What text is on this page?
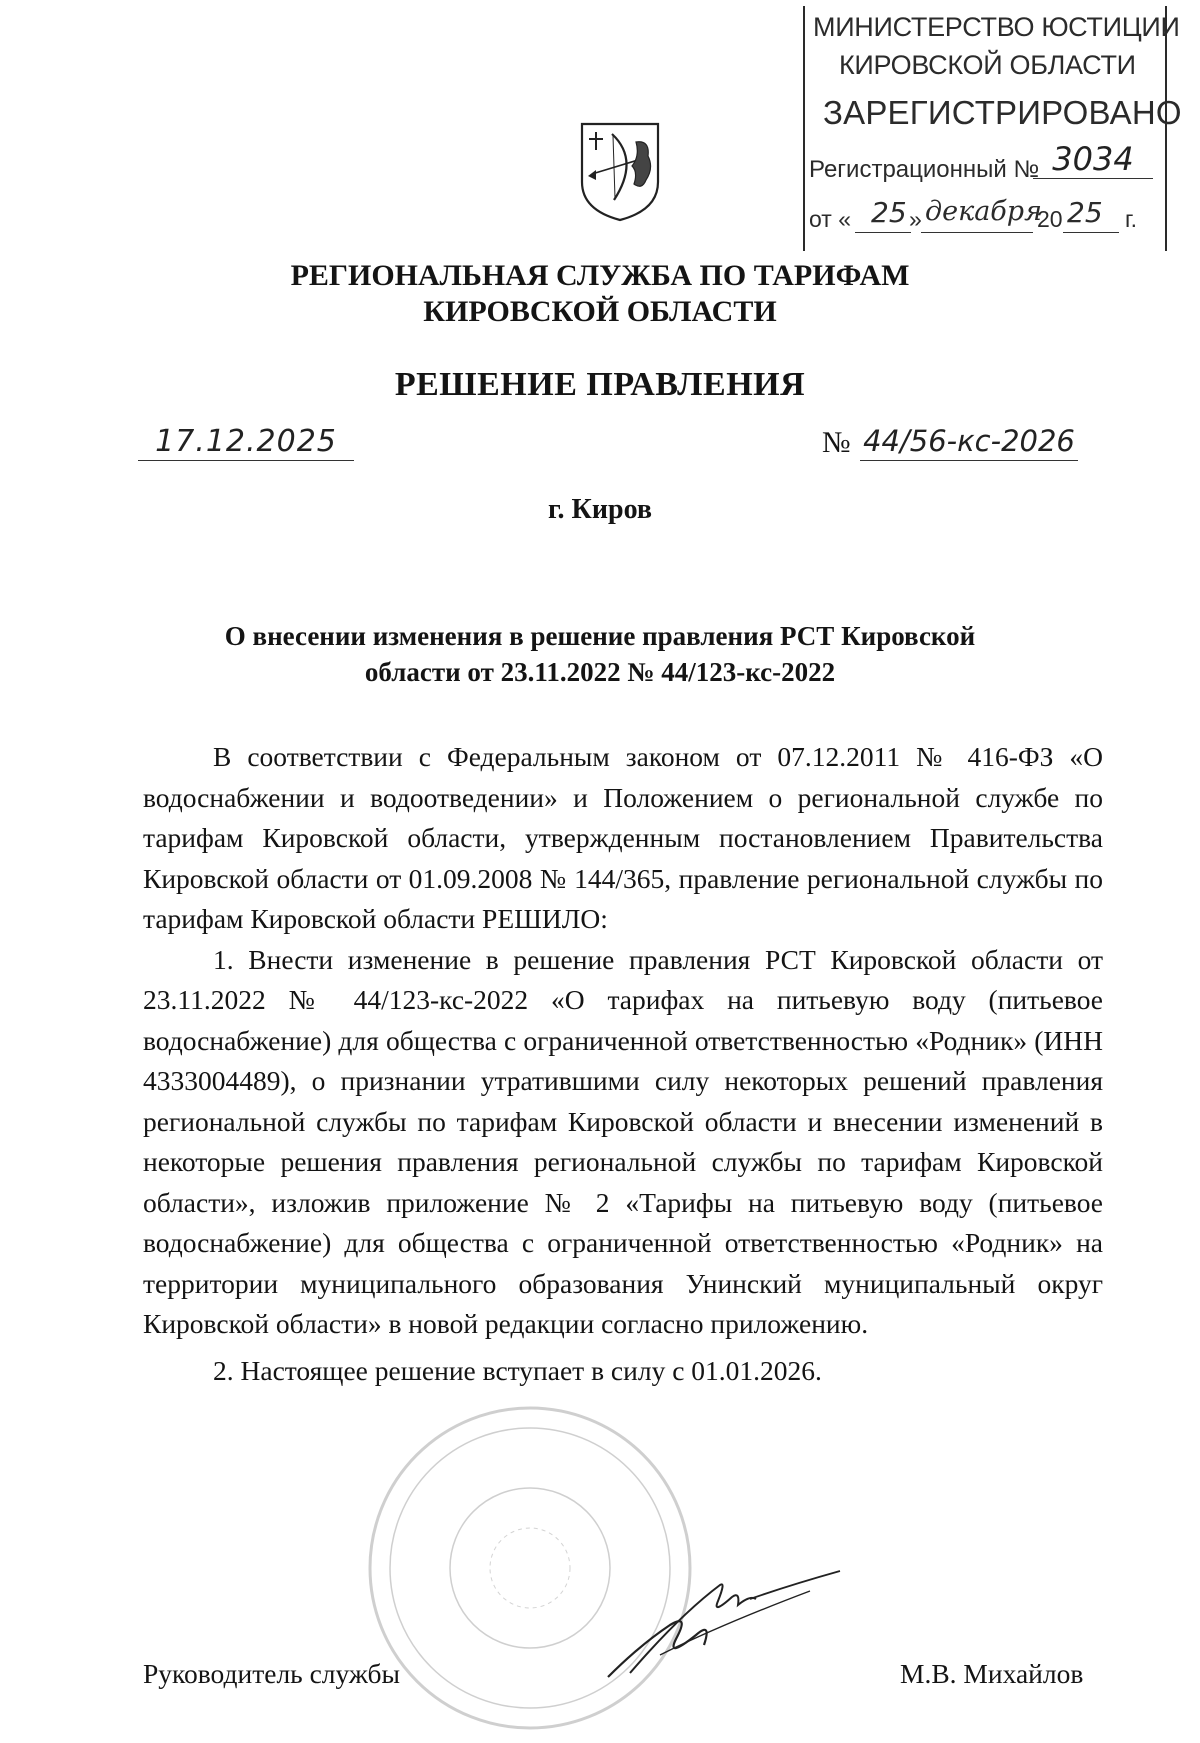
МИНИСТЕРСТВО ЮСТИЦИИ
КИРОВСКОЙ ОБЛАСТИ
ЗАРЕГИСТРИРОВАНО
Регистрационный № 3034
от « 25 » декабря
20 25 г.
РЕГИОНАЛЬНАЯ СЛУЖБА ПО ТАРИФАМ
КИРОВСКОЙ ОБЛАСТИ
РЕШЕНИЕ ПРАВЛЕНИЯ
17.12.2025	№ 44/56-кс-2026
г. Киров
О внесении изменения в решение правления РСТ Кировской
области от 23.11.2022 № 44/123-кс-2022

В соответствии с Федеральным законом от 07.12.2011 № 416-ФЗ «О водоснабжении и водоотведении» и Положением о региональной службе по тарифам Кировской области, утвержденным постановлением Правительства Кировской области от 01.09.2008 № 144/365, правление региональной службы по тарифам Кировской области РЕШИЛО:

1. Внести изменение в решение правления РСТ Кировской области от 23.11.2022 № 44/123-кс-2022 «О тарифах на питьевую воду (питьевое водоснабжение) для общества с ограниченной ответственностью «Родник» (ИНН 4333004489), о признании утратившими силу некоторых решений правления региональной службы по тарифам Кировской области и внесении изменений в некоторые решения правления региональной службы по тарифам Кировской области», изложив приложение № 2 «Тарифы на питьевую воду (питьевое водоснабжение) для общества с ограниченной ответственностью «Родник» на территории муниципального образования Унинский муниципальный округ Кировской области» в новой редакции согласно приложению.

2. Настоящее решение вступает в силу с 01.01.2026.

Руководитель службы	М.В. Михайлов
